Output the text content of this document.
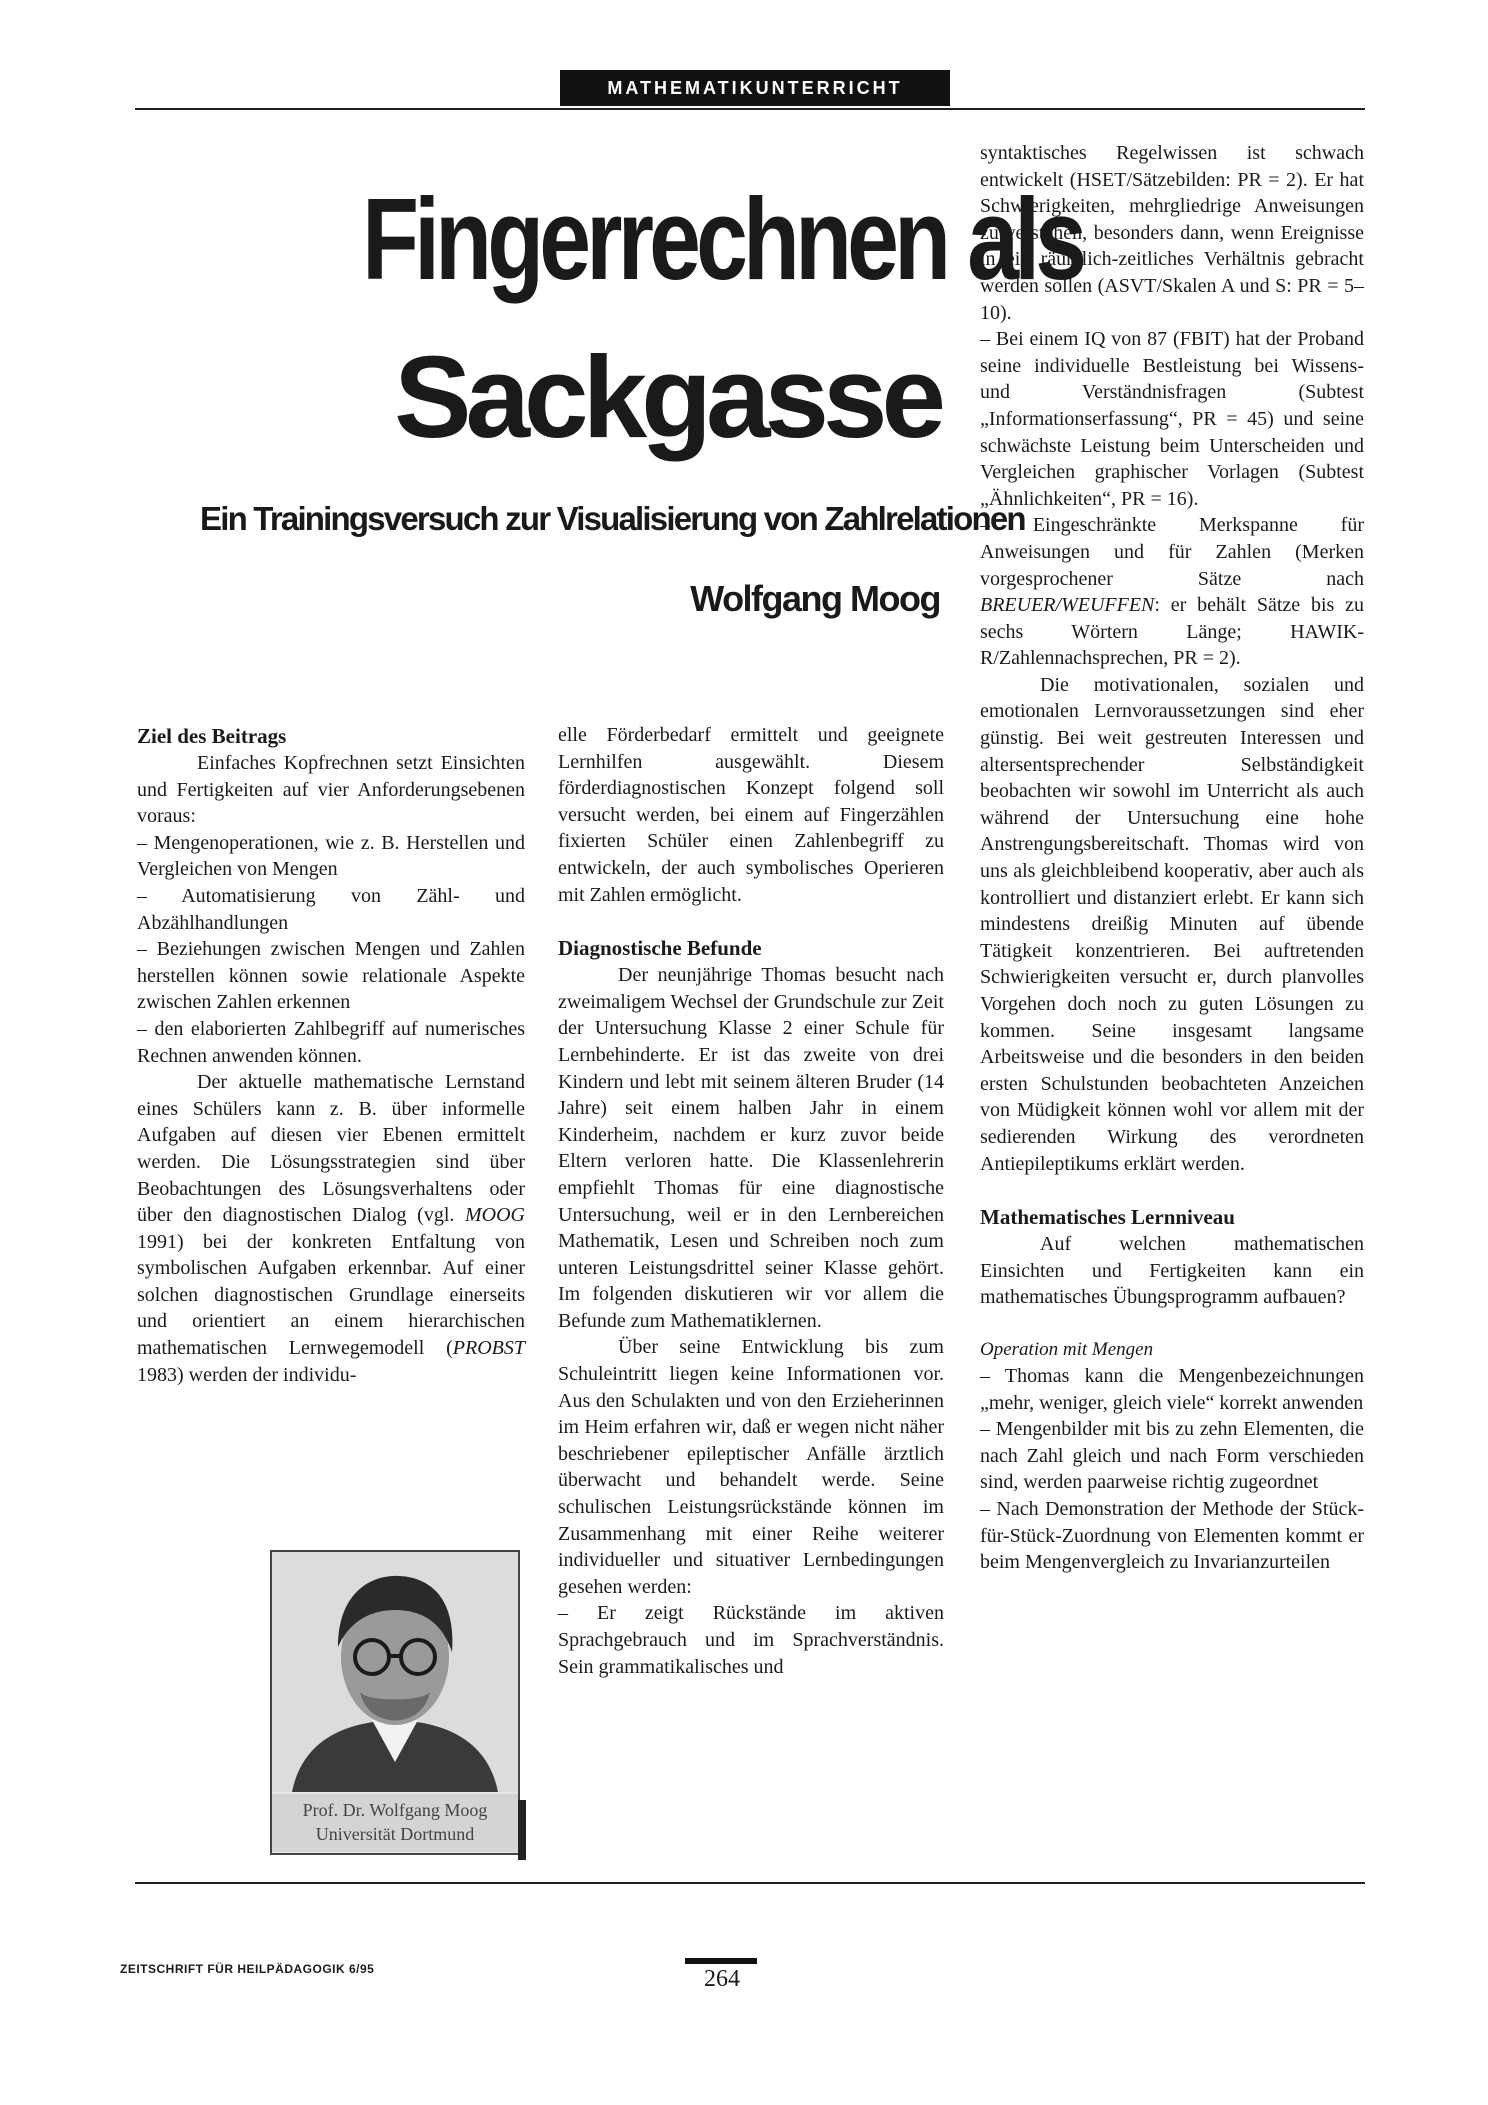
MATHEMATIKUNTERRICHT
Fingerrechnen als
Sackgasse
Ein Trainingsversuch zur Visualisierung von Zahlrelationen
Wolfgang Moog
Ziel des Beitrags

Einfaches Kopfrechnen setzt Einsichten und Fertigkeiten auf vier Anforderungsebenen voraus:

– Mengenoperationen, wie z. B. Herstellen und Vergleichen von Mengen

– Automatisierung von Zähl- und Abzählhandlungen

– Beziehungen zwischen Mengen und Zahlen herstellen können sowie relationale Aspekte zwischen Zahlen erkennen

– den elaborierten Zahlbegriff auf numerisches Rechnen anwenden können.

Der aktuelle mathematische Lernstand eines Schülers kann z. B. über informelle Aufgaben auf diesen vier Ebenen ermittelt werden. Die Lösungsstrategien sind über Beobachtungen des Lösungsverhaltens oder über den diagnostischen Dialog (vgl. MOOG 1991) bei der konkreten Entfaltung von symbolischen Aufgaben erkennbar. Auf einer solchen diagnostischen Grundlage einerseits und orientiert an einem hierarchischen mathematischen Lernwegemodell (PROBST 1983) werden der individu-

Prof. Dr. Wolfgang Moog
Universität Dortmund

elle Förderbedarf ermittelt und geeignete Lernhilfen ausgewählt. Diesem förderdiagnostischen Konzept folgend soll versucht werden, bei einem auf Fingerzählen fixierten Schüler einen Zahlenbegriff zu entwickeln, der auch symbolisches Operieren mit Zahlen ermöglicht.

Diagnostische Befunde

Der neunjährige Thomas besucht nach zweimaligem Wechsel der Grundschule zur Zeit der Untersuchung Klasse 2 einer Schule für Lernbehinderte. Er ist das zweite von drei Kindern und lebt mit seinem älteren Bruder (14 Jahre) seit einem halben Jahr in einem Kinderheim, nachdem er kurz zuvor beide Eltern verloren hatte. Die Klassenlehrerin empfiehlt Thomas für eine diagnostische Untersuchung, weil er in den Lernbereichen Mathematik, Lesen und Schreiben noch zum unteren Leistungsdrittel seiner Klasse gehört. Im folgenden diskutieren wir vor allem die Befunde zum Mathematiklernen.

Über seine Entwicklung bis zum Schuleintritt liegen keine Informationen vor. Aus den Schulakten und von den Erzieherinnen im Heim erfahren wir, daß er wegen nicht näher beschriebener epileptischer Anfälle ärztlich überwacht und behandelt werde. Seine schulischen Leistungsrückstände können im Zusammenhang mit einer Reihe weiterer individueller und situativer Lernbedingungen gesehen werden:

– Er zeigt Rückstände im aktiven Sprachgebrauch und im Sprachverständnis. Sein grammatikalisches und

syntaktisches Regelwissen ist schwach entwickelt (HSET/Sätzebilden: PR = 2). Er hat Schwierigkeiten, mehrgliedrige Anweisungen zu verstehen, besonders dann, wenn Ereignisse in ein räumlich-zeitliches Verhältnis gebracht werden sollen (ASVT/Skalen A und S: PR = 5–10).

– Bei einem IQ von 87 (FBIT) hat der Proband seine individuelle Bestleistung bei Wissens- und Verständnisfragen (Subtest „Informationserfassung“, PR = 45) und seine schwächste Leistung beim Unterscheiden und Vergleichen graphischer Vorlagen (Subtest „Ähnlichkeiten“, PR = 16).

– Eingeschränkte Merkspanne für Anweisungen und für Zahlen (Merken vorgesprochener Sätze nach BREUER/WEUFFEN: er behält Sätze bis zu sechs Wörtern Länge; HAWIK-R/Zahlennachsprechen, PR = 2).

Die motivationalen, sozialen und emotionalen Lernvoraussetzungen sind eher günstig. Bei weit gestreuten Interessen und altersentsprechender Selbständigkeit beobachten wir sowohl im Unterricht als auch während der Untersuchung eine hohe Anstrengungsbereitschaft. Thomas wird von uns als gleichbleibend kooperativ, aber auch als kontrolliert und distanziert erlebt. Er kann sich mindestens dreißig Minuten auf übende Tätigkeit konzentrieren. Bei auftretenden Schwierigkeiten versucht er, durch planvolles Vorgehen doch noch zu guten Lösungen zu kommen. Seine insgesamt langsame Arbeitsweise und die besonders in den beiden ersten Schulstunden beobachteten Anzeichen von Müdigkeit können wohl vor allem mit der sedierenden Wirkung des verordneten Antiepileptikums erklärt werden.

Mathematisches Lernniveau

Auf welchen mathematischen Einsichten und Fertigkeiten kann ein mathematisches Übungsprogramm aufbauen?

Operation mit Mengen

– Thomas kann die Mengenbezeichnungen „mehr, weniger, gleich viele“ korrekt anwenden

– Mengenbilder mit bis zu zehn Elementen, die nach Zahl gleich und nach Form verschieden sind, werden paarweise richtig zugeordnet

– Nach Demonstration der Methode der Stück-für-Stück-Zuordnung von Elementen kommt er beim Mengenvergleich zu Invarianzurteilen

ZEITSCHRIFT FÜR HEILPÄDAGOGIK 6/95	264
